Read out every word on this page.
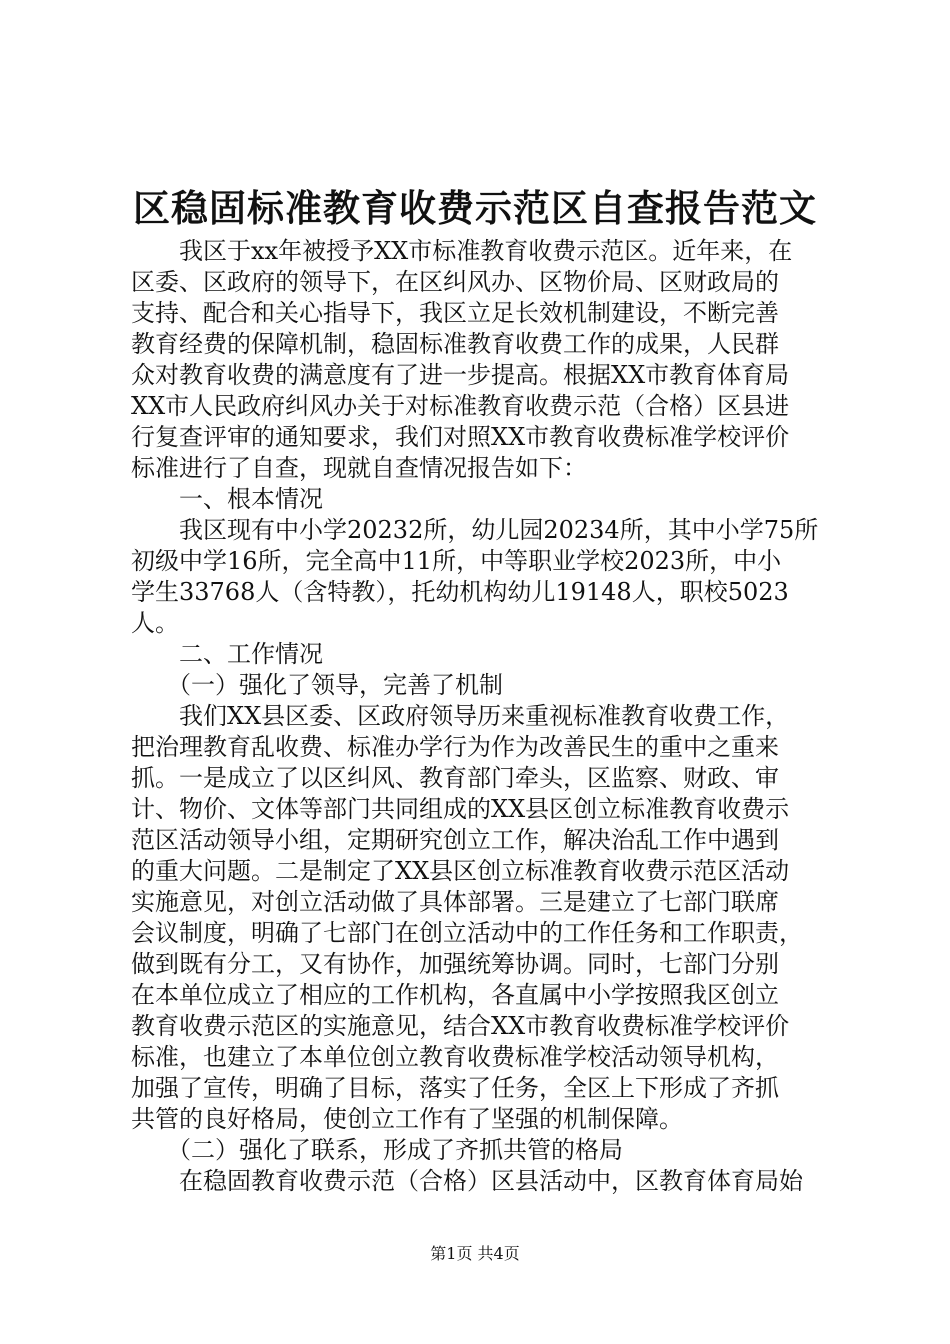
区稳固标准教育收费示范区自查报告范文
　　我区于xx年被授予XX市标准教育收费示范区。近年来，在
区委、区政府的领导下，在区纠风办、区物价局、区财政局的
支持、配合和关心指导下，我区立足长效机制建设，不断完善
教育经费的保障机制，稳固标准教育收费工作的成果，人民群
众对教育收费的满意度有了进一步提高。根据XX市教育体育局
XX市人民政府纠风办关于对标准教育收费示范（合格）区县进
行复查评审的通知要求，我们对照XX市教育收费标准学校评价
标准进行了自查，现就自查情况报告如下：
　　一、根本情况
　　我区现有中小学20232所，幼儿园20234所，其中小学75所
初级中学16所，完全高中11所，中等职业学校2023所，中小
学生33768人（含特教），托幼机构幼儿19148人，职校5023
人。
　　二、工作情况
　　（一）强化了领导，完善了机制
　　我们XX县区委、区政府领导历来重视标准教育收费工作，
把治理教育乱收费、标准办学行为作为改善民生的重中之重来
抓。一是成立了以区纠风、教育部门牵头，区监察、财政、审
计、物价、文体等部门共同组成的XX县区创立标准教育收费示
范区活动领导小组，定期研究创立工作，解决治乱工作中遇到
的重大问题。二是制定了XX县区创立标准教育收费示范区活动
实施意见，对创立活动做了具体部署。三是建立了七部门联席
会议制度，明确了七部门在创立活动中的工作任务和工作职责，
做到既有分工，又有协作，加强统筹协调。同时，七部门分别
在本单位成立了相应的工作机构，各直属中小学按照我区创立
教育收费示范区的实施意见，结合XX市教育收费标准学校评价
标准，也建立了本单位创立教育收费标准学校活动领导机构，
加强了宣传，明确了目标，落实了任务，全区上下形成了齐抓
共管的良好格局，使创立工作有了坚强的机制保障。
　　（二）强化了联系，形成了齐抓共管的格局
　　在稳固教育收费示范（合格）区县活动中，区教育体育局始
第1页 共4页
